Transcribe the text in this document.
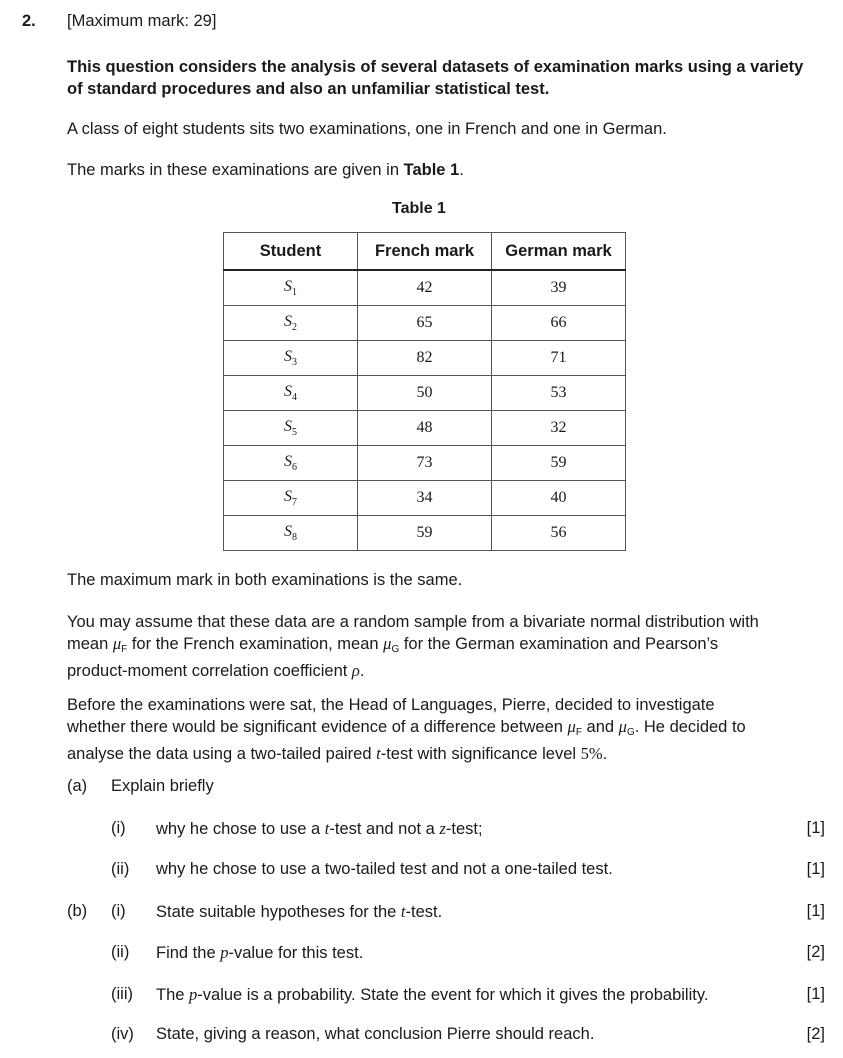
2. [Maximum mark: 29]
This question considers the analysis of several datasets of examination marks using a variety of standard procedures and also an unfamiliar statistical test.
A class of eight students sits two examinations, one in French and one in German.
The marks in these examinations are given in Table 1.
Table 1
Student	French mark	German mark
$S_1$	42	39
$S_2$	65	66
$S_3$	82	71
$S_4$	50	53
$S_5$	48	32
$S_6$	73	59
$S_7$	34	40
$S_8$	59	56
The maximum mark in both examinations is the same.
You may assume that these data are a random sample from a bivariate normal distribution with mean $\mu_F$ for the French examination, mean $\mu_G$ for the German examination and Pearson’s product-moment correlation coefficient ρ.
Before the examinations were sat, the Head of Languages, Pierre, decided to investigate whether there would be significant evidence of a difference between $\mu_F$ and $\mu_G$. He decided to analyse the data using a two-tailed paired t-test with significance level 5%.
(a) Explain briefly
(i) why he chose to use a t-test and not a z-test;	[1]
(ii) why he chose to use a two-tailed test and not a one-tailed test.	[1]
(b) (i) State suitable hypotheses for the t-test.	[1]
(ii) Find the p-value for this test.	[2]
(iii) The p-value is a probability. State the event for which it gives the probability.	[1]
(iv) State, giving a reason, what conclusion Pierre should reach.	[2]
